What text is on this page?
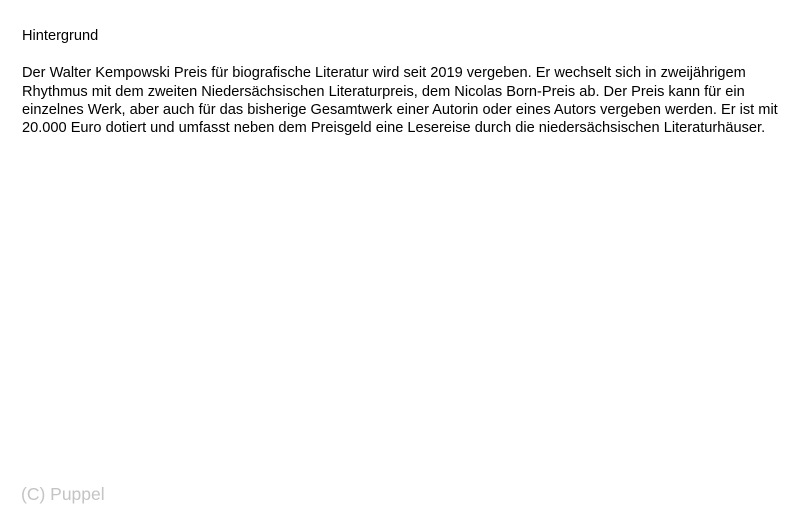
Hintergrund

Der Walter Kempowski Preis für biografische Literatur wird seit 2019 vergeben. Er wechselt sich in zweijährigem Rhythmus mit dem zweiten Niedersächsischen Literaturpreis, dem Nicolas Born-Preis ab. Der Preis kann für ein einzelnes Werk, aber auch für das bisherige Gesamtwerk einer Autorin oder eines Autors vergeben werden. Er ist mit 20.000 Euro dotiert und umfasst neben dem Preisgeld eine Lesereise durch die niedersächsischen Literaturhäuser.

(C) Puppel
